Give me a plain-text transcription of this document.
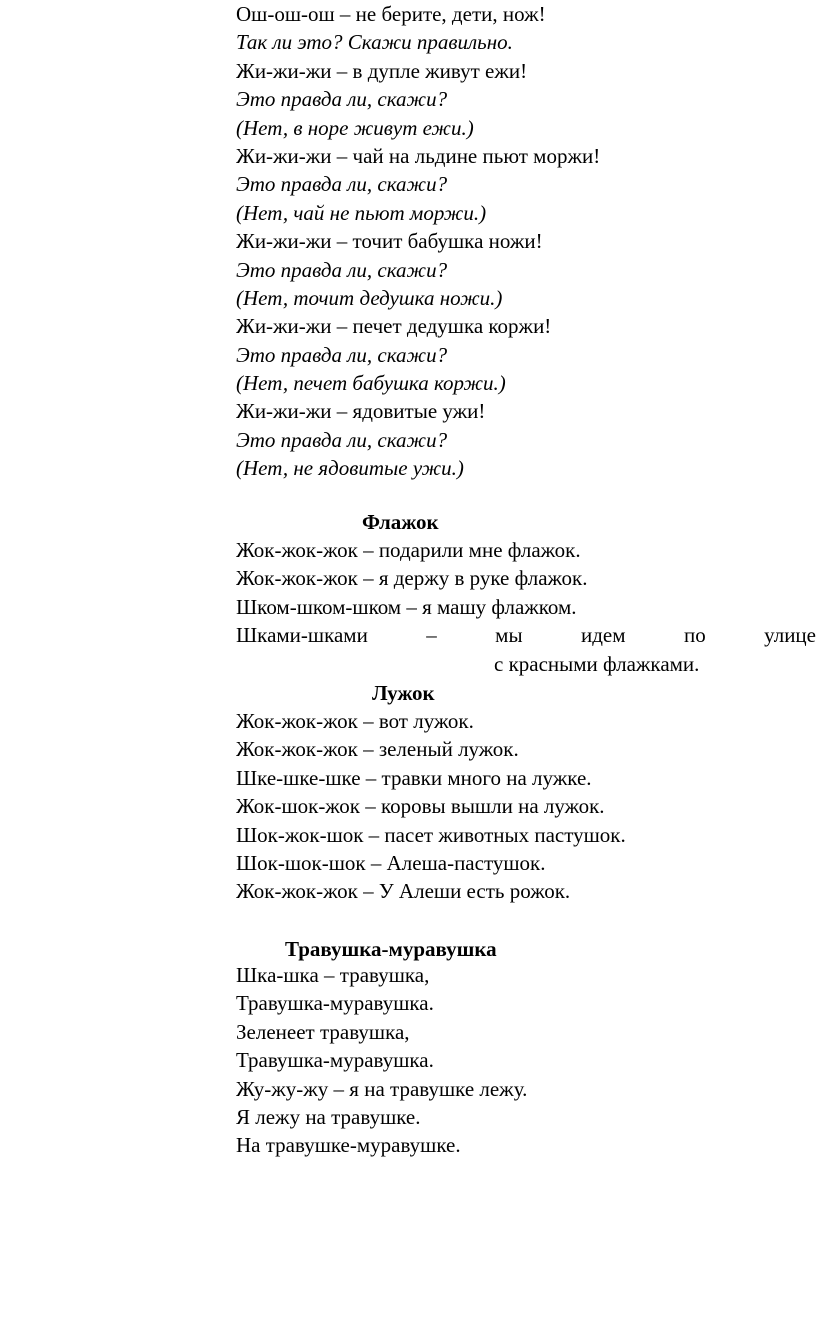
Ош-ош-ош – не берите, дети, нож!
Так ли это? Скажи правильно.
Жи-жи-жи – в дупле живут ежи!
Это правда ли, скажи?
(Нет, в норе живут ежи.)
Жи-жи-жи – чай на льдине пьют моржи!
Это правда ли, скажи?
(Нет, чай не пьют моржи.)
Жи-жи-жи – точит бабушка ножи!
Это правда ли, скажи?
(Нет, точит дедушка ножи.)
Жи-жи-жи – печет дедушка коржи!
Это правда ли, скажи?
(Нет, печет бабушка коржи.)
Жи-жи-жи – ядовитые ужи!
Это правда ли, скажи?
(Нет, не ядовитые ужи.)
Флажок
Жок-жок-жок – подарили мне флажок.
Жок-жок-жок – я держу в руке флажок.
Шком-шком-шком – я машу флажком.
Шками-шками	–	мы	идем	по	улице
с красными флажками.
Лужок
Жок-жок-жок – вот лужок.
Жок-жок-жок – зеленый лужок.
Шке-шке-шке – травки много на лужке.
Жок-шок-жок – коровы вышли на лужок.
Шок-жок-шок – пасет животных пастушок.
Шок-шок-шок – Алеша-пастушок.
Жок-жок-жок – У Алеши есть рожок.
Травушка-муравушка
Шка-шка – травушка,
Травушка-муравушка.
Зеленеет травушка,
Травушка-муравушка.
Жу-жу-жу – я на травушке лежу.
Я лежу на травушке.
На травушке-муравушке.
